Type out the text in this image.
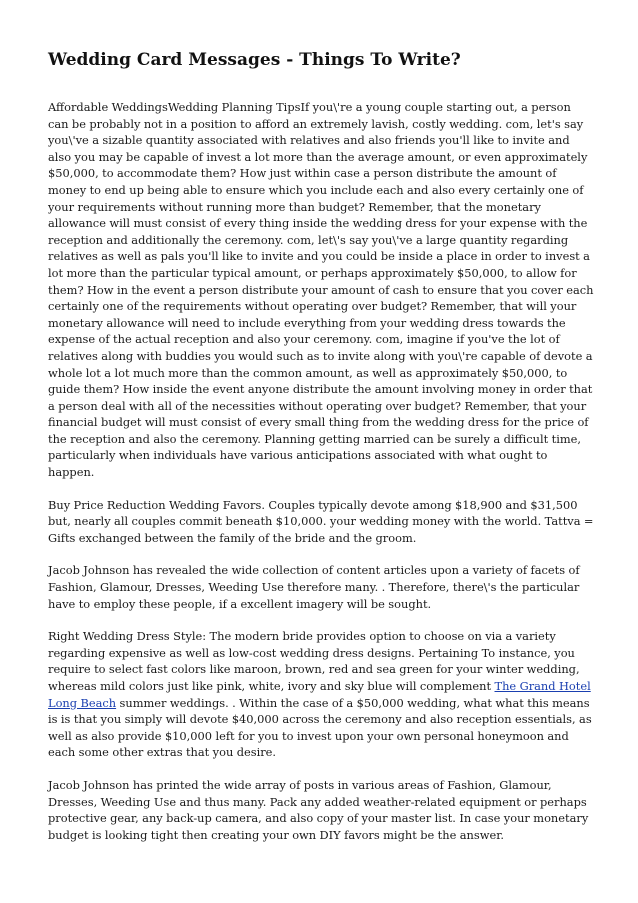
Wedding Card Messages - Things To Write?

Affordable WeddingsWedding Planning TipsIf you\'re a young couple starting out, a person can be probably not in a position to afford an extremely lavish, costly wedding. com, let's say you\'ve a sizable quantity associated with relatives and also friends you'll like to invite and also you may be capable of invest a lot more than the average amount, or even approximately $50,000, to accommodate them? How just within case a person distribute the amount of money to end up being able to ensure which you include each and also every certainly one of your requirements without running more than budget? Remember, that the monetary allowance will must consist of every thing inside the wedding dress for your expense with the reception and additionally the ceremony. com, let\'s say you\'ve a large quantity regarding relatives as well as pals you'll like to invite and you could be inside a place in order to invest a lot more than the particular typical amount, or perhaps approximately $50,000, to allow for them? How in the event a person distribute your amount of cash to ensure that you cover each certainly one of the requirements without operating over budget? Remember, that will your monetary allowance will need to include everything from your wedding dress towards the expense of the actual reception and also your ceremony. com, imagine if you've the lot of relatives along with buddies you would such as to invite along with you\'re capable of devote a whole lot a lot much more than the common amount, as well as approximately $50,000, to guide them? How inside the event anyone distribute the amount involving money in order that a person deal with all of the necessities without operating over budget? Remember, that your financial budget will must consist of every small thing from the wedding dress for the price of the reception and also the ceremony. Planning getting married can be surely a difficult time, particularly when individuals have various anticipations associated with what ought to happen.

Buy Price Reduction Wedding Favors. Couples typically devote among $18,900 and $31,500 but, nearly all couples commit beneath $10,000. your wedding money with the world. Tattva = Gifts exchanged between the family of the bride and the groom.

Jacob Johnson has revealed the wide collection of content articles upon a variety of facets of Fashion, Glamour, Dresses, Weeding Use therefore many. . Therefore, there\'s the particular have to employ these people, if a excellent imagery will be sought.

Right Wedding Dress Style: The modern bride provides option to choose on via a variety regarding expensive as well as low-cost wedding dress designs. Pertaining To instance, you require to select fast colors like maroon, brown, red and sea green for your winter wedding, whereas mild colors just like pink, white, ivory and sky blue will complement The Grand Hotel Long Beach summer weddings. . Within the case of a $50,000 wedding, what what this means is is that you simply will devote $40,000 across the ceremony and also reception essentials, as well as also provide $10,000 left for you to invest upon your own personal honeymoon and each some other extras that you desire.

Jacob Johnson has printed the wide array of posts in various areas of Fashion, Glamour, Dresses, Weeding Use and thus many. Pack any added weather-related equipment or perhaps protective gear, any back-up camera, and also copy of your master list. In case your monetary budget is looking tight then creating your own DIY favors might be the answer.
